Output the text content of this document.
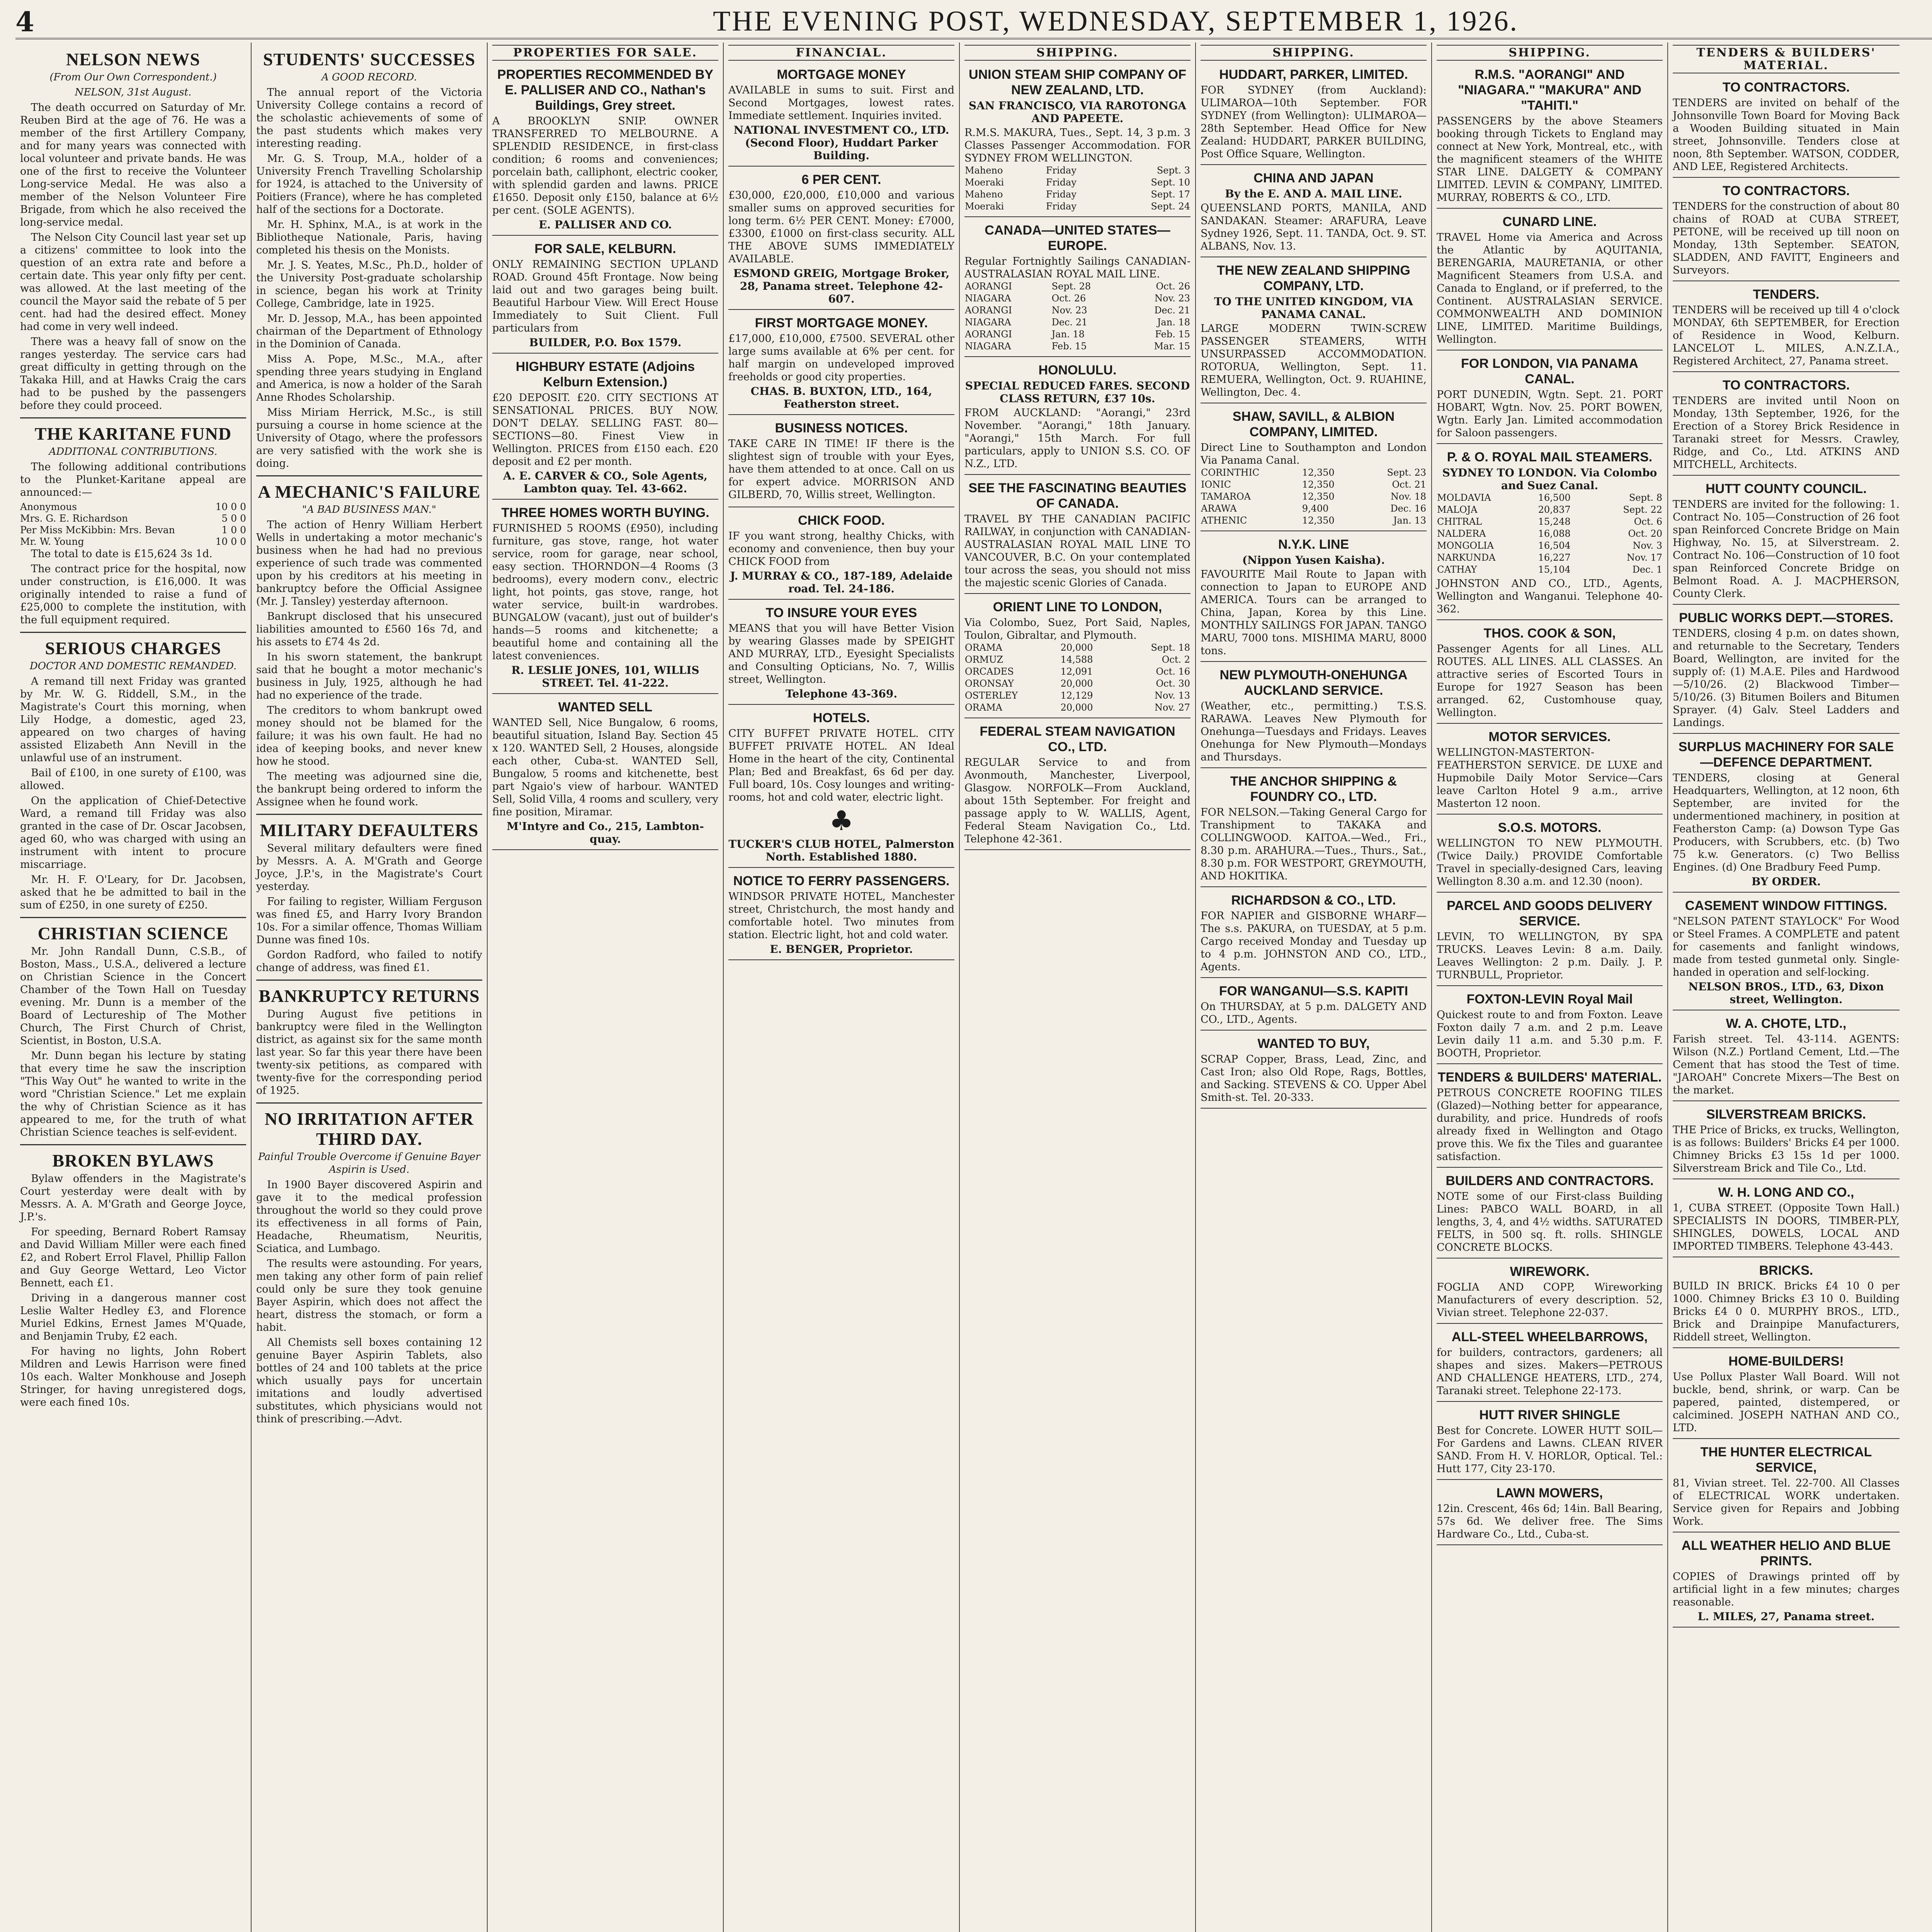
4	THE EVENING POST, WEDNESDAY, SEPTEMBER 1, 1926.
NELSON NEWS
(From Our Own Correspondent.)
NELSON, 31st August.

The death occurred on Saturday of Mr. Reuben Bird at the age of 76. He was a member of the first Artillery Company, and for many years was connected with local volunteer and private bands. He was one of the first to receive the Volunteer Long-service Medal. He was also a member of the Nelson Volunteer Fire Brigade, from which he also received the long-service medal.

The Nelson City Council last year set up a citizens' committee to look into the question of an extra rate and before a certain date. This year only fifty per cent. was allowed. At the last meeting of the council the Mayor said the rebate of 5 per cent. had had the desired effect. Money had come in very well indeed.

There was a heavy fall of snow on the ranges yesterday. The service cars had great difficulty in getting through on the Takaka Hill, and at Hawks Craig the cars had to be pushed by the passengers before they could proceed.

THE KARITANE FUND
ADDITIONAL CONTRIBUTIONS.

The following additional contributions to the Plunket-Karitane appeal are announced:—

Anonymous	10 0 0
Mrs. G. E. Richardson	5 0 0
Per Miss McKibbin: Mrs. Bevan	1 0 0
Mr. W. Young	10 0 0

The total to date is £15,624 3s 1d.

The contract price for the hospital, now under construction, is £16,000. It was originally intended to raise a fund of £25,000 to complete the institution, with the full equipment required.

SERIOUS CHARGES
DOCTOR AND DOMESTIC REMANDED.

A remand till next Friday was granted by Mr. W. G. Riddell, S.M., in the Magistrate's Court this morning, when Lily Hodge, a domestic, aged 23, appeared on two charges of having assisted Elizabeth Ann Nevill in the unlawful use of an instrument.

Bail of £100, in one surety of £100, was allowed.

On the application of Chief-Detective Ward, a remand till Friday was also granted in the case of Dr. Oscar Jacobsen, aged 60, who was charged with using an instrument with intent to procure miscarriage.

Mr. H. F. O'Leary, for Dr. Jacobsen, asked that he be admitted to bail in the sum of £250, in one surety of £250.

CHRISTIAN SCIENCE

Mr. John Randall Dunn, C.S.B., of Boston, Mass., U.S.A., delivered a lecture on Christian Science in the Concert Chamber of the Town Hall on Tuesday evening. Mr. Dunn is a member of the Board of Lectureship of The Mother Church, The First Church of Christ, Scientist, in Boston, U.S.A.

Mr. Dunn began his lecture by stating that every time he saw the inscription "This Way Out" he wanted to write in the word "Christian Science." Let me explain the why of Christian Science as it has appeared to me, for the truth of what Christian Science teaches is self-evident.

BROKEN BYLAWS

Bylaw offenders in the Magistrate's Court yesterday were dealt with by Messrs. A. A. M'Grath and George Joyce, J.P.'s.

For speeding, Bernard Robert Ramsay and David William Miller were each fined £2, and Robert Errol Flavel, Phillip Fallon and Guy George Wettard, Leo Victor Bennett, each £1.

Driving in a dangerous manner cost Leslie Walter Hedley £3, and Florence Muriel Edkins, Ernest James M'Quade, and Benjamin Truby, £2 each.

For having no lights, John Robert Mildren and Lewis Harrison were fined 10s each. Walter Monkhouse and Joseph Stringer, for having unregistered dogs, were each fined 10s.

STUDENTS' SUCCESSES
A GOOD RECORD.

The annual report of the Victoria University College contains a record of the scholastic achievements of some of the past students which makes very interesting reading.

Mr. G. S. Troup, M.A., holder of a University French Travelling Scholarship for 1924, is attached to the University of Poitiers (France), where he has completed half of the sections for a Doctorate.

Mr. H. Sphinx, M.A., is at work in the Bibliotheque Nationale, Paris, having completed his thesis on the Monists.

Mr. J. S. Yeates, M.Sc., Ph.D., holder of the University Post-graduate scholarship in science, began his work at Trinity College, Cambridge, late in 1925.

Mr. D. Jessop, M.A., has been appointed chairman of the Department of Ethnology in the Dominion of Canada.

Miss A. Pope, M.Sc., M.A., after spending three years studying in England and America, is now a holder of the Sarah Anne Rhodes Scholarship.

Miss Miriam Herrick, M.Sc., is still pursuing a course in home science at the University of Otago, where the professors are very satisfied with the work she is doing.

A MECHANIC'S FAILURE
"A BAD BUSINESS MAN."

The action of Henry William Herbert Wells in undertaking a motor mechanic's business when he had had no previous experience of such trade was commented upon by his creditors at his meeting in bankruptcy before the Official Assignee (Mr. J. Tansley) yesterday afternoon.

Bankrupt disclosed that his unsecured liabilities amounted to £560 16s 7d, and his assets to £74 4s 2d.

In his sworn statement, the bankrupt said that he bought a motor mechanic's business in July, 1925, although he had had no experience of the trade.

The creditors to whom bankrupt owed money should not be blamed for the failure; it was his own fault. He had no idea of keeping books, and never knew how he stood.

The meeting was adjourned sine die, the bankrupt being ordered to inform the Assignee when he found work.

MILITARY DEFAULTERS

Several military defaulters were fined by Messrs. A. A. M'Grath and George Joyce, J.P.'s, in the Magistrate's Court yesterday.

For failing to register, William Ferguson was fined £5, and Harry Ivory Brandon 10s. For a similar offence, Thomas William Dunne was fined 10s.

Gordon Radford, who failed to notify change of address, was fined £1.

BANKRUPTCY RETURNS

During August five petitions in bankruptcy were filed in the Wellington district, as against six for the same month last year. So far this year there have been twenty-six petitions, as compared with twenty-five for the corresponding period of 1925.

NO IRRITATION AFTER THIRD DAY.
Painful Trouble Overcome if Genuine Bayer Aspirin is Used.

In 1900 Bayer discovered Aspirin and gave it to the medical profession throughout the world so they could prove its effectiveness in all forms of Pain, Headache, Rheumatism, Neuritis, Sciatica, and Lumbago.

The results were astounding. For years, men taking any other form of pain relief could only be sure they took genuine Bayer Aspirin, which does not affect the heart, distress the stomach, or form a habit.

All Chemists sell boxes containing 12 genuine Bayer Aspirin Tablets, also bottles of 24 and 100 tablets at the price which usually pays for uncertain imitations and loudly advertised substitutes, which physicians would not think of prescribing.—Advt.

PROPERTIES FOR SALE.
PROPERTIES RECOMMENDED BY E. PALLISER AND CO., Nathan's Buildings, Grey street.
A BROOKLYN SNIP. OWNER TRANSFERRED TO MELBOURNE. A SPLENDID RESIDENCE, in first-class condition; 6 rooms and conveniences; porcelain bath, calliphont, electric cooker, with splendid garden and lawns. PRICE £1650. Deposit only £150, balance at 6½ per cent. (SOLE AGENTS).
E. PALLISER AND CO.
FOR SALE, KELBURN.
ONLY REMAINING SECTION UPLAND ROAD. Ground 45ft Frontage. Now being laid out and two garages being built. Beautiful Harbour View. Will Erect House Immediately to Suit Client. Full particulars from
BUILDER, P.O. Box 1579.
HIGHBURY ESTATE (Adjoins Kelburn Extension.)
£20 DEPOSIT. £20. CITY SECTIONS AT SENSATIONAL PRICES. BUY NOW. DON'T DELAY. SELLING FAST. 80—SECTIONS—80. Finest View in Wellington. PRICES from £150 each. £20 deposit and £2 per month.
A. E. CARVER & CO., Sole Agents, Lambton quay. Tel. 43-662.
THREE HOMES WORTH BUYING.
FURNISHED 5 ROOMS (£950), including furniture, gas stove, range, hot water service, room for garage, near school, easy section. THORNDON—4 Rooms (3 bedrooms), every modern conv., electric light, hot points, gas stove, range, hot water service, built-in wardrobes. BUNGALOW (vacant), just out of builder's hands—5 rooms and kitchenette; a beautiful home and containing all the latest conveniences.
R. LESLIE JONES, 101, WILLIS STREET. Tel. 41-222.
WANTED SELL
WANTED Sell, Nice Bungalow, 6 rooms, beautiful situation, Island Bay. Section 45 x 120. WANTED Sell, 2 Houses, alongside each other, Cuba-st. WANTED Sell, Bungalow, 5 rooms and kitchenette, best part Ngaio's view of harbour. WANTED Sell, Solid Villa, 4 rooms and scullery, very fine position, Miramar.
M'Intyre and Co., 215, Lambton-quay.
FINANCIAL.
MORTGAGE MONEY
AVAILABLE in sums to suit. First and Second Mortgages, lowest rates. Immediate settlement. Inquiries invited.
NATIONAL INVESTMENT CO., LTD. (Second Floor), Huddart Parker Building.
6 PER CENT.
£30,000, £20,000, £10,000 and various smaller sums on approved securities for long term. 6½ PER CENT. Money: £7000, £3300, £1000 on first-class security. ALL THE ABOVE SUMS IMMEDIATELY AVAILABLE.
ESMOND GREIG, Mortgage Broker, 28, Panama street. Telephone 42-607.
FIRST MORTGAGE MONEY.
£17,000, £10,000, £7500. SEVERAL other large sums available at 6% per cent. for half margin on undeveloped improved freeholds or good city properties.
CHAS. B. BUXTON, LTD., 164, Featherston street.
BUSINESS NOTICES.
TAKE CARE IN TIME! IF there is the slightest sign of trouble with your Eyes, have them attended to at once. Call on us for expert advice. MORRISON AND GILBERD, 70, Willis street, Wellington.
CHICK FOOD.
IF you want strong, healthy Chicks, with economy and convenience, then buy your CHICK FOOD from
J. MURRAY & CO., 187-189, Adelaide road. Tel. 24-186.
TO INSURE YOUR EYES
MEANS that you will have Better Vision by wearing Glasses made by SPEIGHT AND MURRAY, LTD., Eyesight Specialists and Consulting Opticians, No. 7, Willis street, Wellington.
Telephone 43-369.
HOTELS.
CITY BUFFET PRIVATE HOTEL. CITY BUFFET PRIVATE HOTEL. AN Ideal Home in the heart of the city, Continental Plan; Bed and Breakfast, 6s 6d per day. Full board, 10s. Cosy lounges and writing-rooms, hot and cold water, electric light.
♣
TUCKER'S CLUB HOTEL, Palmerston North. Established 1880.
NOTICE TO FERRY PASSENGERS.
WINDSOR PRIVATE HOTEL, Manchester street, Christchurch, the most handy and comfortable hotel. Two minutes from station. Electric light, hot and cold water.
E. BENGER, Proprietor.
SHIPPING.
UNION STEAM SHIP COMPANY OF NEW ZEALAND, LTD.
SAN FRANCISCO, VIA RAROTONGA AND PAPEETE.
R.M.S. MAKURA, Tues., Sept. 14, 3 p.m. 3 Classes Passenger Accommodation. FOR SYDNEY FROM WELLINGTON.
Maheno	Friday	Sept. 3
Moeraki	Friday	Sept. 10
Maheno	Friday	Sept. 17
Moeraki	Friday	Sept. 24
CANADA—UNITED STATES—EUROPE.
Regular Fortnightly Sailings CANADIAN-AUSTRALASIAN ROYAL MAIL LINE.
AORANGI	Sept. 28	Oct. 26
NIAGARA	Oct. 26	Nov. 23
AORANGI	Nov. 23	Dec. 21
NIAGARA	Dec. 21	Jan. 18
AORANGI	Jan. 18	Feb. 15
NIAGARA	Feb. 15	Mar. 15
HONOLULU.
SPECIAL REDUCED FARES. SECOND CLASS RETURN, £37 10s.
FROM AUCKLAND: "Aorangi," 23rd November. "Aorangi," 18th January. "Aorangi," 15th March. For full particulars, apply to UNION S.S. CO. OF N.Z., LTD.
SEE THE FASCINATING BEAUTIES OF CANADA.
TRAVEL BY THE CANADIAN PACIFIC RAILWAY, in conjunction with CANADIAN-AUSTRALASIAN ROYAL MAIL LINE TO VANCOUVER, B.C. On your contemplated tour across the seas, you should not miss the majestic scenic Glories of Canada.
ORIENT LINE TO LONDON,
Via Colombo, Suez, Port Said, Naples, Toulon, Gibraltar, and Plymouth.
ORAMA	20,000	Sept. 18
ORMUZ	14,588	Oct. 2
ORCADES	12,091	Oct. 16
ORONSAY	20,000	Oct. 30
OSTERLEY	12,129	Nov. 13
ORAMA	20,000	Nov. 27
FEDERAL STEAM NAVIGATION CO., LTD.
REGULAR Service to and from Avonmouth, Manchester, Liverpool, Glasgow. NORFOLK—From Auckland, about 15th September. For freight and passage apply to W. WALLIS, Agent, Federal Steam Navigation Co., Ltd. Telephone 42-361.
SHIPPING.
HUDDART, PARKER, LIMITED.
FOR SYDNEY (from Auckland): ULIMAROA—10th September. FOR SYDNEY (from Wellington): ULIMAROA—28th September. Head Office for New Zealand: HUDDART, PARKER BUILDING, Post Office Square, Wellington.
CHINA AND JAPAN
By the E. AND A. MAIL LINE.
QUEENSLAND PORTS, MANILA, AND SANDAKAN. Steamer: ARAFURA, Leave Sydney 1926, Sept. 11. TANDA, Oct. 9. ST. ALBANS, Nov. 13.
THE NEW ZEALAND SHIPPING COMPANY, LTD.
TO THE UNITED KINGDOM, VIA PANAMA CANAL.
LARGE MODERN TWIN-SCREW PASSENGER STEAMERS, WITH UNSURPASSED ACCOMMODATION. ROTORUA, Wellington, Sept. 11. REMUERA, Wellington, Oct. 9. RUAHINE, Wellington, Dec. 4.
SHAW, SAVILL, & ALBION COMPANY, LIMITED.
Direct Line to Southampton and London Via Panama Canal.
CORINTHIC	12,350	Sept. 23
IONIC	12,350	Oct. 21
TAMAROA	12,350	Nov. 18
ARAWA	9,400	Dec. 16
ATHENIC	12,350	Jan. 13
N.Y.K. LINE
(Nippon Yusen Kaisha).
FAVOURITE Mail Route to Japan with connection to Japan to EUROPE AND AMERICA. Tours can be arranged to China, Japan, Korea by this Line. MONTHLY SAILINGS FOR JAPAN. TANGO MARU, 7000 tons. MISHIMA MARU, 8000 tons.
NEW PLYMOUTH-ONEHUNGA AUCKLAND SERVICE.
(Weather, etc., permitting.) T.S.S. RARAWA. Leaves New Plymouth for Onehunga—Tuesdays and Fridays. Leaves Onehunga for New Plymouth—Mondays and Thursdays.
THE ANCHOR SHIPPING & FOUNDRY CO., LTD.
FOR NELSON.—Taking General Cargo for Transhipment to TAKAKA and COLLINGWOOD. KAITOA.—Wed., Fri., 8.30 p.m. ARAHURA.—Tues., Thurs., Sat., 8.30 p.m. FOR WESTPORT, GREYMOUTH, AND HOKITIKA.
RICHARDSON & CO., LTD.
FOR NAPIER and GISBORNE WHARF—The s.s. PAKURA, on TUESDAY, at 5 p.m. Cargo received Monday and Tuesday up to 4 p.m. JOHNSTON AND CO., LTD., Agents.
FOR WANGANUI—S.S. KAPITI
On THURSDAY, at 5 p.m. DALGETY AND CO., LTD., Agents.
WANTED TO BUY,
SCRAP Copper, Brass, Lead, Zinc, and Cast Iron; also Old Rope, Rags, Bottles, and Sacking. STEVENS & CO. Upper Abel Smith-st. Tel. 20-333.
SHIPPING.
R.M.S. "AORANGI" AND "NIAGARA." "MAKURA" AND "TAHITI."
PASSENGERS by the above Steamers booking through Tickets to England may connect at New York, Montreal, etc., with the magnificent steamers of the WHITE STAR LINE. DALGETY & COMPANY LIMITED. LEVIN & COMPANY, LIMITED. MURRAY, ROBERTS & CO., LTD.
CUNARD LINE.
TRAVEL Home via America and Across the Atlantic by AQUITANIA, BERENGARIA, MAURETANIA, or other Magnificent Steamers from U.S.A. and Canada to England, or if preferred, to the Continent. AUSTRALASIAN SERVICE. COMMONWEALTH AND DOMINION LINE, LIMITED. Maritime Buildings, Wellington.
FOR LONDON, VIA PANAMA CANAL.
PORT DUNEDIN, Wgtn. Sept. 21. PORT HOBART, Wgtn. Nov. 25. PORT BOWEN, Wgtn. Early Jan. Limited accommodation for Saloon passengers.
P. & O. ROYAL MAIL STEAMERS.
SYDNEY TO LONDON. Via Colombo and Suez Canal.
MOLDAVIA	16,500	Sept. 8
MALOJA	20,837	Sept. 22
CHITRAL	15,248	Oct. 6
NALDERA	16,088	Oct. 20
MONGOLIA	16,504	Nov. 3
NARKUNDA	16,227	Nov. 17
CATHAY	15,104	Dec. 1
JOHNSTON AND CO., LTD., Agents, Wellington and Wanganui. Telephone 40-362.
THOS. COOK & SON,
Passenger Agents for all Lines. ALL ROUTES. ALL LINES. ALL CLASSES. An attractive series of Escorted Tours in Europe for 1927 Season has been arranged. 62, Customhouse quay, Wellington.
MOTOR SERVICES.
WELLINGTON-MASTERTON-FEATHERSTON SERVICE. DE LUXE and Hupmobile Daily Motor Service—Cars leave Carlton Hotel 9 a.m., arrive Masterton 12 noon.
S.O.S. MOTORS.
WELLINGTON TO NEW PLYMOUTH. (Twice Daily.) PROVIDE Comfortable Travel in specially-designed Cars, leaving Wellington 8.30 a.m. and 12.30 (noon).
PARCEL AND GOODS DELIVERY SERVICE.
LEVIN, TO WELLINGTON, BY SPA TRUCKS. Leaves Levin: 8 a.m. Daily. Leaves Wellington: 2 p.m. Daily. J. P. TURNBULL, Proprietor.
FOXTON-LEVIN Royal Mail
Quickest route to and from Foxton. Leave Foxton daily 7 a.m. and 2 p.m. Leave Levin daily 11 a.m. and 5.30 p.m. F. BOOTH, Proprietor.
TENDERS & BUILDERS' MATERIAL.
PETROUS CONCRETE ROOFING TILES (Glazed)—Nothing better for appearance, durability, and price. Hundreds of roofs already fixed in Wellington and Otago prove this. We fix the Tiles and guarantee satisfaction.
BUILDERS AND CONTRACTORS.
NOTE some of our First-class Building Lines: PABCO WALL BOARD, in all lengths, 3, 4, and 4½ widths. SATURATED FELTS, in 500 sq. ft. rolls. SHINGLE CONCRETE BLOCKS.
WIREWORK.
FOGLIA AND COPP, Wireworking Manufacturers of every description. 52, Vivian street. Telephone 22-037.
ALL-STEEL WHEELBARROWS,
for builders, contractors, gardeners; all shapes and sizes. Makers—PETROUS AND CHALLENGE HEATERS, LTD., 274, Taranaki street. Telephone 22-173.
HUTT RIVER SHINGLE
Best for Concrete. LOWER HUTT SOIL—For Gardens and Lawns. CLEAN RIVER SAND. From H. V. HORLOR, Optical. Tel.: Hutt 177, City 23-170.
LAWN MOWERS,
12in. Crescent, 46s 6d; 14in. Ball Bearing, 57s 6d. We deliver free. The Sims Hardware Co., Ltd., Cuba-st.
TENDERS & BUILDERS' MATERIAL.
TO CONTRACTORS.
TENDERS are invited on behalf of the Johnsonville Town Board for Moving Back a Wooden Building situated in Main street, Johnsonville. Tenders close at noon, 8th September. WATSON, CODDER, AND LEE, Registered Architects.
TO CONTRACTORS.
TENDERS for the construction of about 80 chains of ROAD at CUBA STREET, PETONE, will be received up till noon on Monday, 13th September. SEATON, SLADDEN, AND FAVITT, Engineers and Surveyors.
TENDERS.
TENDERS will be received up till 4 o'clock MONDAY, 6th SEPTEMBER, for Erection of Residence in Wood, Kelburn. LANCELOT L. MILES, A.N.Z.I.A., Registered Architect, 27, Panama street.
TO CONTRACTORS.
TENDERS are invited until Noon on Monday, 13th September, 1926, for the Erection of a Storey Brick Residence in Taranaki street for Messrs. Crawley, Ridge, and Co., Ltd. ATKINS AND MITCHELL, Architects.
HUTT COUNTY COUNCIL.
TENDERS are invited for the following: 1. Contract No. 105—Construction of 26 foot span Reinforced Concrete Bridge on Main Highway, No. 15, at Silverstream. 2. Contract No. 106—Construction of 10 foot span Reinforced Concrete Bridge on Belmont Road. A. J. MACPHERSON, County Clerk.
PUBLIC WORKS DEPT.—STORES.
TENDERS, closing 4 p.m. on dates shown, and returnable to the Secretary, Tenders Board, Wellington, are invited for the supply of: (1) M.A.E. Piles and Hardwood—5/10/26. (2) Blackwood Timber—5/10/26. (3) Bitumen Boilers and Bitumen Sprayer. (4) Galv. Steel Ladders and Landings.
SURPLUS MACHINERY FOR SALE—DEFENCE DEPARTMENT.
TENDERS, closing at General Headquarters, Wellington, at 12 noon, 6th September, are invited for the undermentioned machinery, in position at Featherston Camp: (a) Dowson Type Gas Producers, with Scrubbers, etc. (b) Two 75 k.w. Generators. (c) Two Belliss Engines. (d) One Bradbury Feed Pump.
BY ORDER.
CASEMENT WINDOW FITTINGS.
"NELSON PATENT STAYLOCK" For Wood or Steel Frames. A COMPLETE and patent for casements and fanlight windows, made from tested gunmetal only. Single-handed in operation and self-locking.
NELSON BROS., LTD., 63, Dixon street, Wellington.
W. A. CHOTE, LTD.,
Farish street. Tel. 43-114. AGENTS: Wilson (N.Z.) Portland Cement, Ltd.—The Cement that has stood the Test of time. "JAROAH" Concrete Mixers—The Best on the market.
SILVERSTREAM BRICKS.
THE Price of Bricks, ex trucks, Wellington, is as follows: Builders' Bricks £4 per 1000. Chimney Bricks £3 15s 1d per 1000. Silverstream Brick and Tile Co., Ltd.
W. H. LONG AND CO.,
1, CUBA STREET. (Opposite Town Hall.) SPECIALISTS IN DOORS, TIMBER-PLY, SHINGLES, DOWELS, LOCAL AND IMPORTED TIMBERS. Telephone 43-443.
BRICKS.
BUILD IN BRICK. Bricks £4 10 0 per 1000. Chimney Bricks £3 10 0. Building Bricks £4 0 0. MURPHY BROS., LTD., Brick and Drainpipe Manufacturers, Riddell street, Wellington.
HOME-BUILDERS!
Use Pollux Plaster Wall Board. Will not buckle, bend, shrink, or warp. Can be papered, painted, distempered, or calcimined. JOSEPH NATHAN AND CO., LTD.
THE HUNTER ELECTRICAL SERVICE,
81, Vivian street. Tel. 22-700. All Classes of ELECTRICAL WORK undertaken. Service given for Repairs and Jobbing Work.
ALL WEATHER HELIO AND BLUE PRINTS.
COPIES of Drawings printed off by artificial light in a few minutes; charges reasonable.
L. MILES, 27, Panama street.
